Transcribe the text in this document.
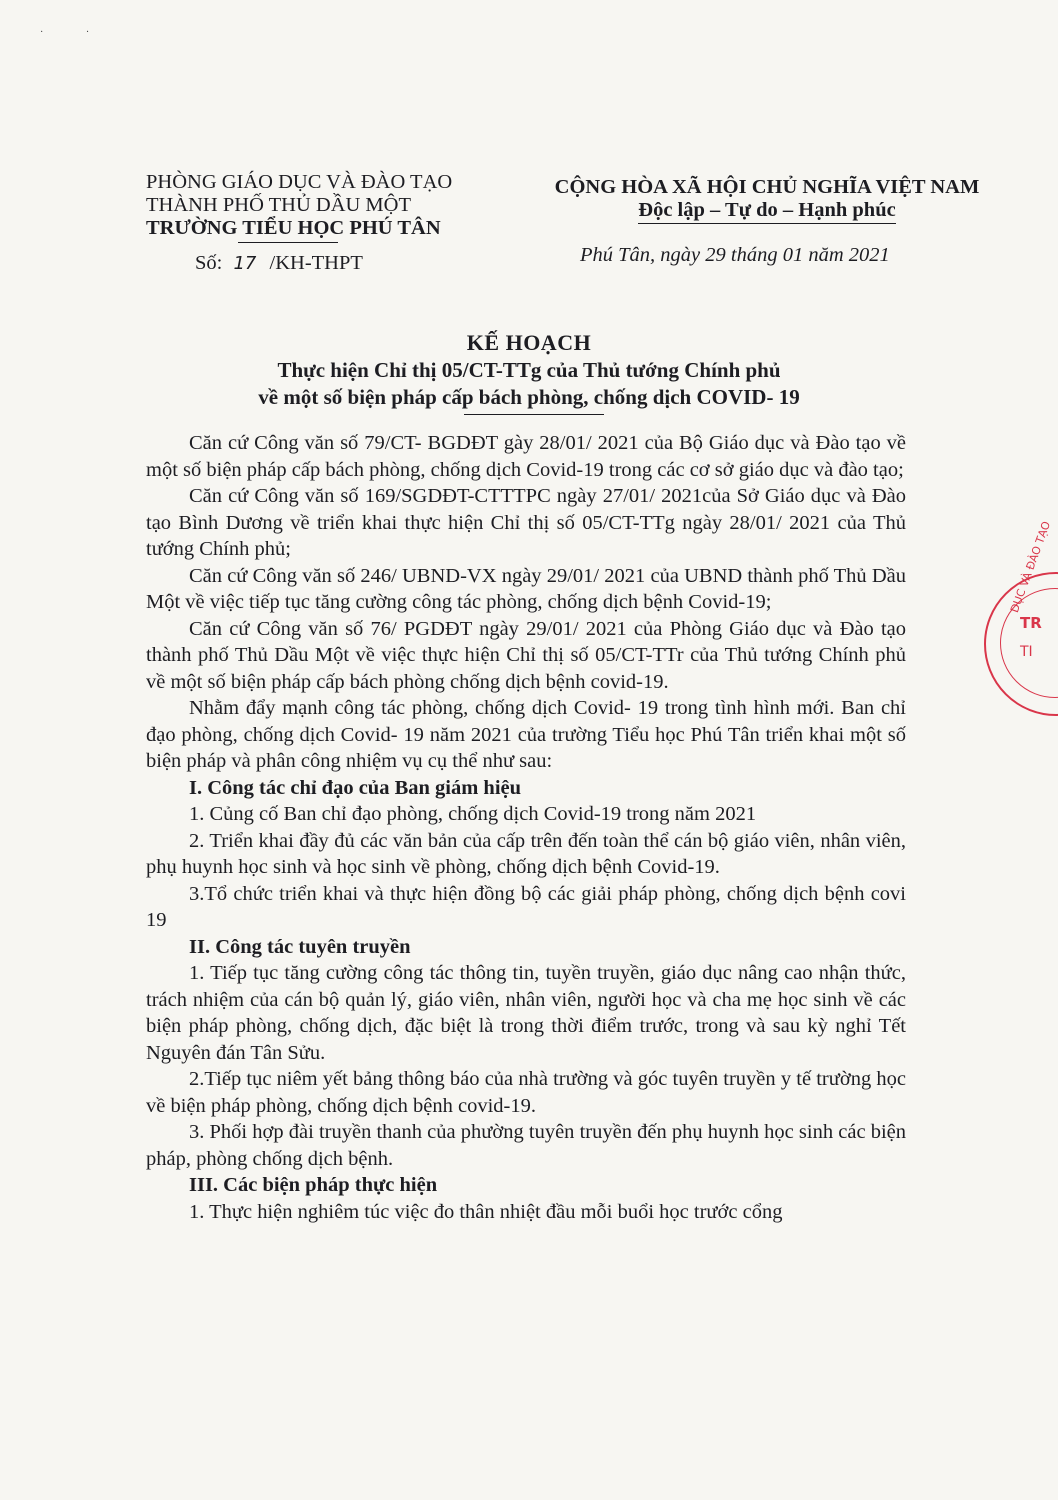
· ·
PHÒNG GIÁO DỤC VÀ ĐÀO TẠO
THÀNH PHỐ THỦ DẦU MỘT
TRƯỜNG TIỂU HỌC PHÚ TÂN
Số: 17 /KH-THPT
CỘNG HÒA XÃ HỘI CHỦ NGHĨA VIỆT NAM
Độc lập – Tự do – Hạnh phúc
Phú Tân, ngày 29 tháng 01 năm 2021
KẾ HOẠCH
Thực hiện Chỉ thị 05/CT-TTg của Thủ tướng Chính phủ
về một số biện pháp cấp bách phòng, chống dịch COVID- 19

Căn cứ Công văn số 79/CT- BGDĐT gày 28/01/ 2021 của Bộ Giáo dục và Đào tạo về một số biện pháp cấp bách phòng, chống dịch Covid-19 trong các cơ sở giáo dục và đào tạo;

Căn cứ Công văn số 169/SGDĐT-CTTTPC ngày 27/01/ 2021của Sở Giáo dục và Đào tạo Bình Dương về triển khai thực hiện Chỉ thị số 05/CT-TTg ngày 28/01/ 2021 của Thủ tướng Chính phủ;

Căn cứ Công văn số 246/ UBND-VX ngày 29/01/ 2021 của UBND thành phố Thủ Dầu Một về việc tiếp tục tăng cường công tác phòng, chống dịch bệnh Covid-19;

Căn cứ Công văn số 76/ PGDĐT ngày 29/01/ 2021 của Phòng Giáo dục và Đào tạo thành phố Thủ Dầu Một về việc thực hiện Chỉ thị số 05/CT-TTr của Thủ tướng Chính phủ về một số biện pháp cấp bách phòng chống dịch bệnh covid-19.

Nhằm đẩy mạnh công tác phòng, chống dịch Covid- 19 trong tình hình mới. Ban chỉ đạo phòng, chống dịch Covid- 19 năm 2021 của trường Tiểu học Phú Tân triển khai một số biện pháp và phân công nhiệm vụ cụ thể như sau:

I. Công tác chỉ đạo của Ban giám hiệu

1. Củng cố Ban chỉ đạo phòng, chống dịch Covid-19 trong năm 2021

2. Triển khai đầy đủ các văn bản của cấp trên đến toàn thể cán bộ giáo viên, nhân viên, phụ huynh học sinh và học sinh về phòng, chống dịch bệnh Covid-19.

3.Tổ chức triển khai và thực hiện đồng bộ các giải pháp phòng, chống dịch bệnh covi 19

II. Công tác tuyên truyền

1. Tiếp tục tăng cường công tác thông tin, tuyền truyền, giáo dục nâng cao nhận thức, trách nhiệm của cán bộ quản lý, giáo viên, nhân viên, người học và cha mẹ học sinh về các biện pháp phòng, chống dịch, đặc biệt là trong thời điểm trước, trong và sau kỳ nghỉ Tết Nguyên đán Tân Sửu.

2.Tiếp tục niêm yết bảng thông báo của nhà trường và góc tuyên truyền y tế trường học về biện pháp phòng, chống dịch bệnh covid-19.

3. Phối hợp đài truyền thanh của phường tuyên truyền đến phụ huynh học sinh các biện pháp, phòng chống dịch bệnh.

III. Các biện pháp thực hiện

1. Thực hiện nghiêm túc việc đo thân nhiệt đầu mỗi buổi học trước cổng

DỤC VÀ ĐÀO TẠO
TR
TI
